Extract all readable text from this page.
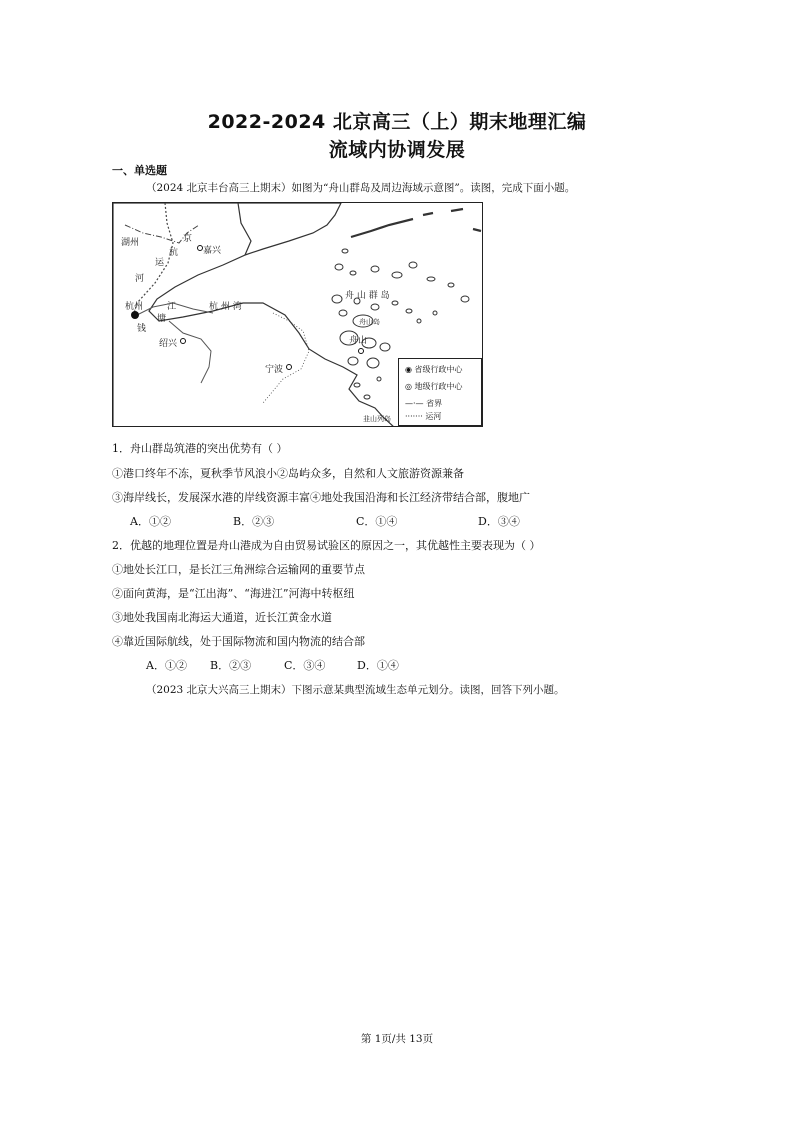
2022-2024 北京高三（上）期末地理汇编
流域内协调发展
一、单选题
（2024 北京丰台高三上期末）如图为“舟山群岛及周边海域示意图”。读图，完成下面小题。
湖州
嘉兴
杭州
绍兴
宁波
舟山
舟山岛
舟 山 群 岛
杭 州 湾
运
河
杭
京
江
塘
钱
韭山列岛
◉ 省级行政中心
◎ 地级行政中心
—·— 省界
······· 运河
1．舟山群岛筑港的突出优势有（ ）
①港口终年不冻，夏秋季节风浪小②岛屿众多，自然和人文旅游资源兼备
③海岸线长，发展深水港的岸线资源丰富④地处我国沿海和长江经济带结合部，腹地广
A．①②	B．②③	C．①④	D．③④
2．优越的地理位置是舟山港成为自由贸易试验区的原因之一，其优越性主要表现为（ ）
①地处长江口，是长江三角洲综合运输网的重要节点
②面向黄海，是“江出海”、“海进江”河海中转枢纽
③地处我国南北海运大通道，近长江黄金水道
④靠近国际航线，处于国际物流和国内物流的结合部
A．①② B．②③	C．③④	D．①④
（2023 北京大兴高三上期末）下图示意某典型流域生态单元划分。读图，回答下列小题。
第 1页/共 13页
